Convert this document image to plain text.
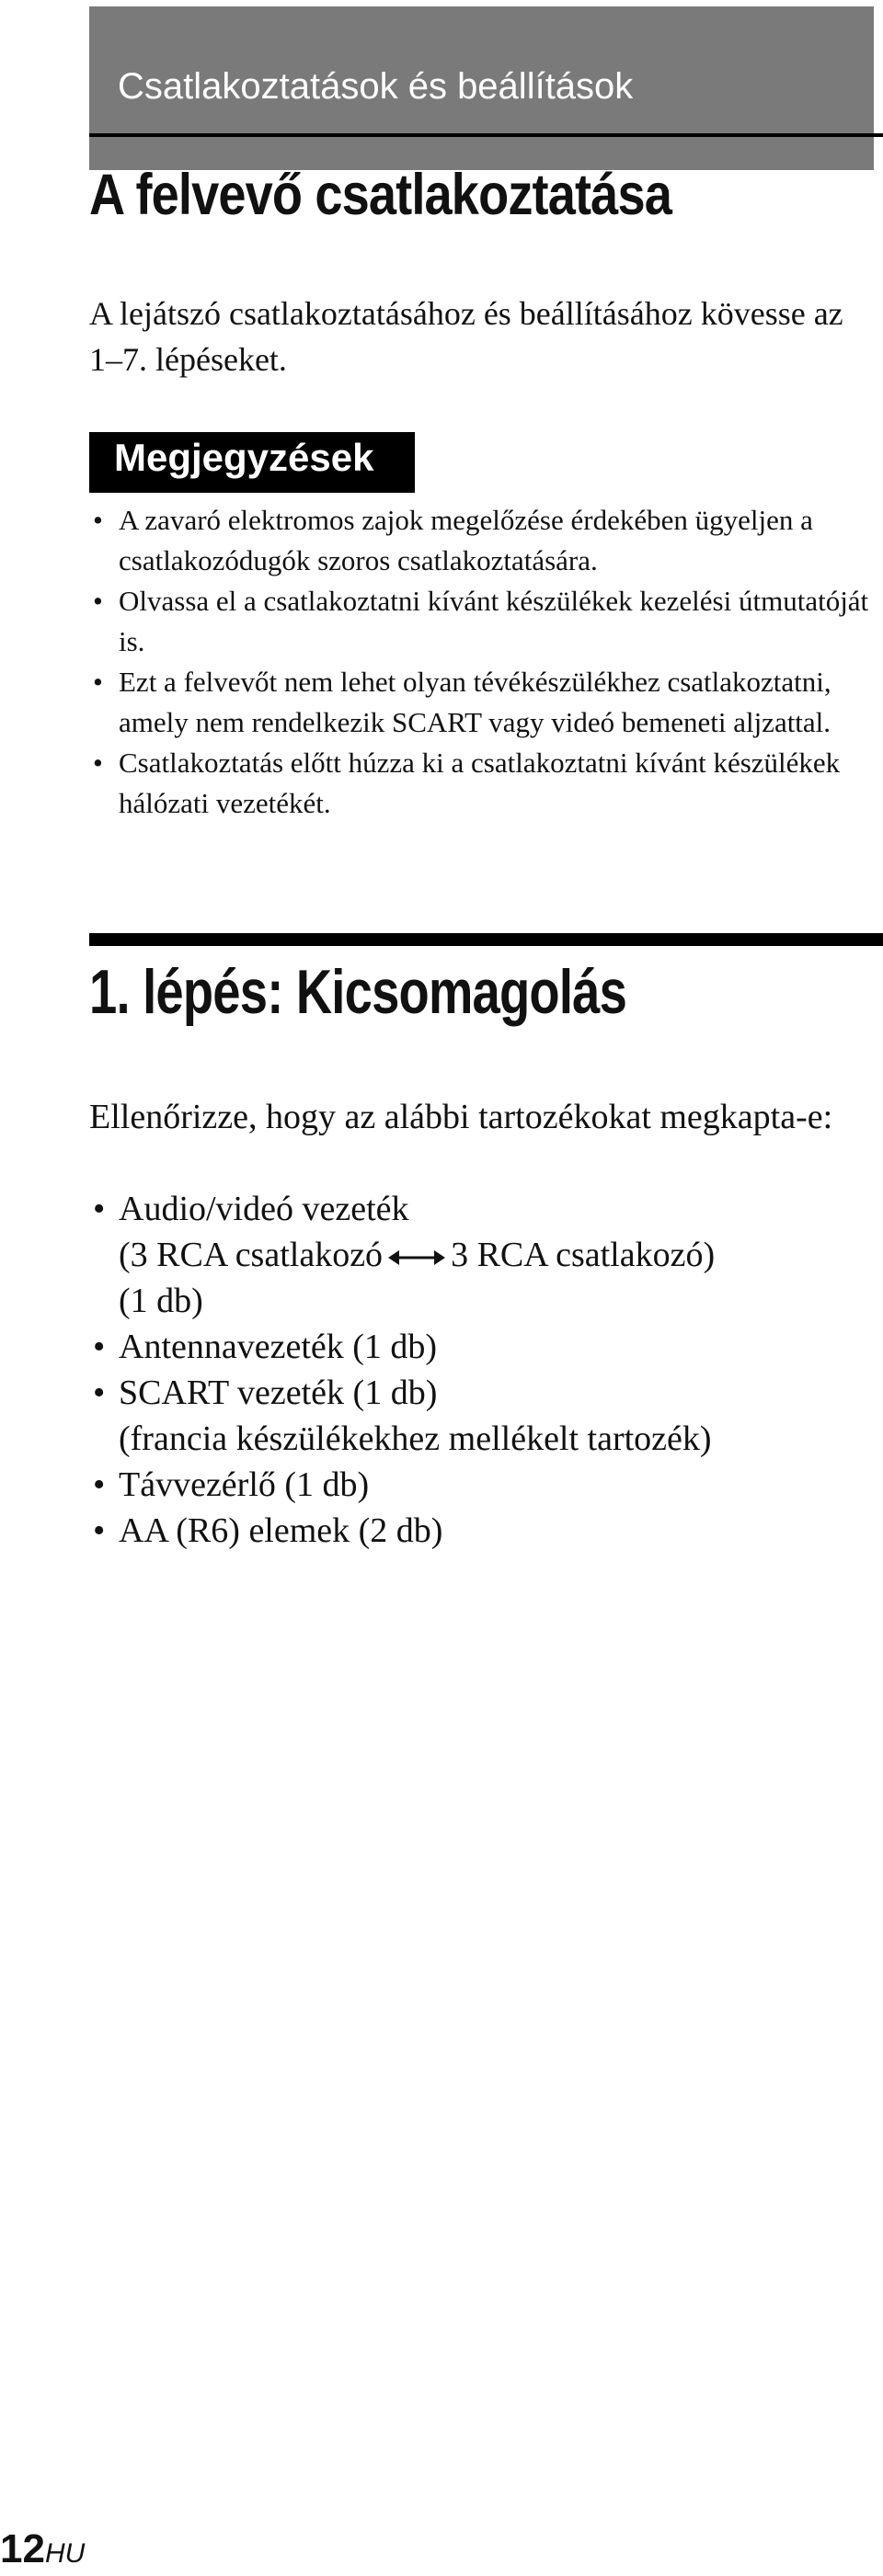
Csatlakoztatások és beállítások
A felvevő csatlakoztatása

A lejátszó csatlakoztatásához és beállításához kövesse az 1–7. lépéseket.

Megjegyzések
• A zavaró elektromos zajok megelőzése érdekében ügyeljen a csatlakozódugók szoros csatlakoztatására.
• Olvassa el a csatlakoztatni kívánt készülékek kezelési útmutatóját is.
• Ezt a felvevőt nem lehet olyan tévékészülékhez csatlakoztatni, amely nem rendelkezik SCART vagy videó bemeneti aljzattal.
• Csatlakoztatás előtt húzza ki a csatlakoztatni kívánt készülékek hálózati vezetékét.
1. lépés: Kicsomagolás

Ellenőrizze, hogy az alábbi tartozékokat megkapta-e:

• Audio/videó vezeték
(3 RCA csatlakozó 3 RCA csatlakozó)
(1 db)
• Antennavezeték (1 db)
• SCART vezeték (1 db)
(francia készülékekhez mellékelt tartozék)
• Távvezérlő (1 db)
• AA (R6) elemek (2 db)
12HU
